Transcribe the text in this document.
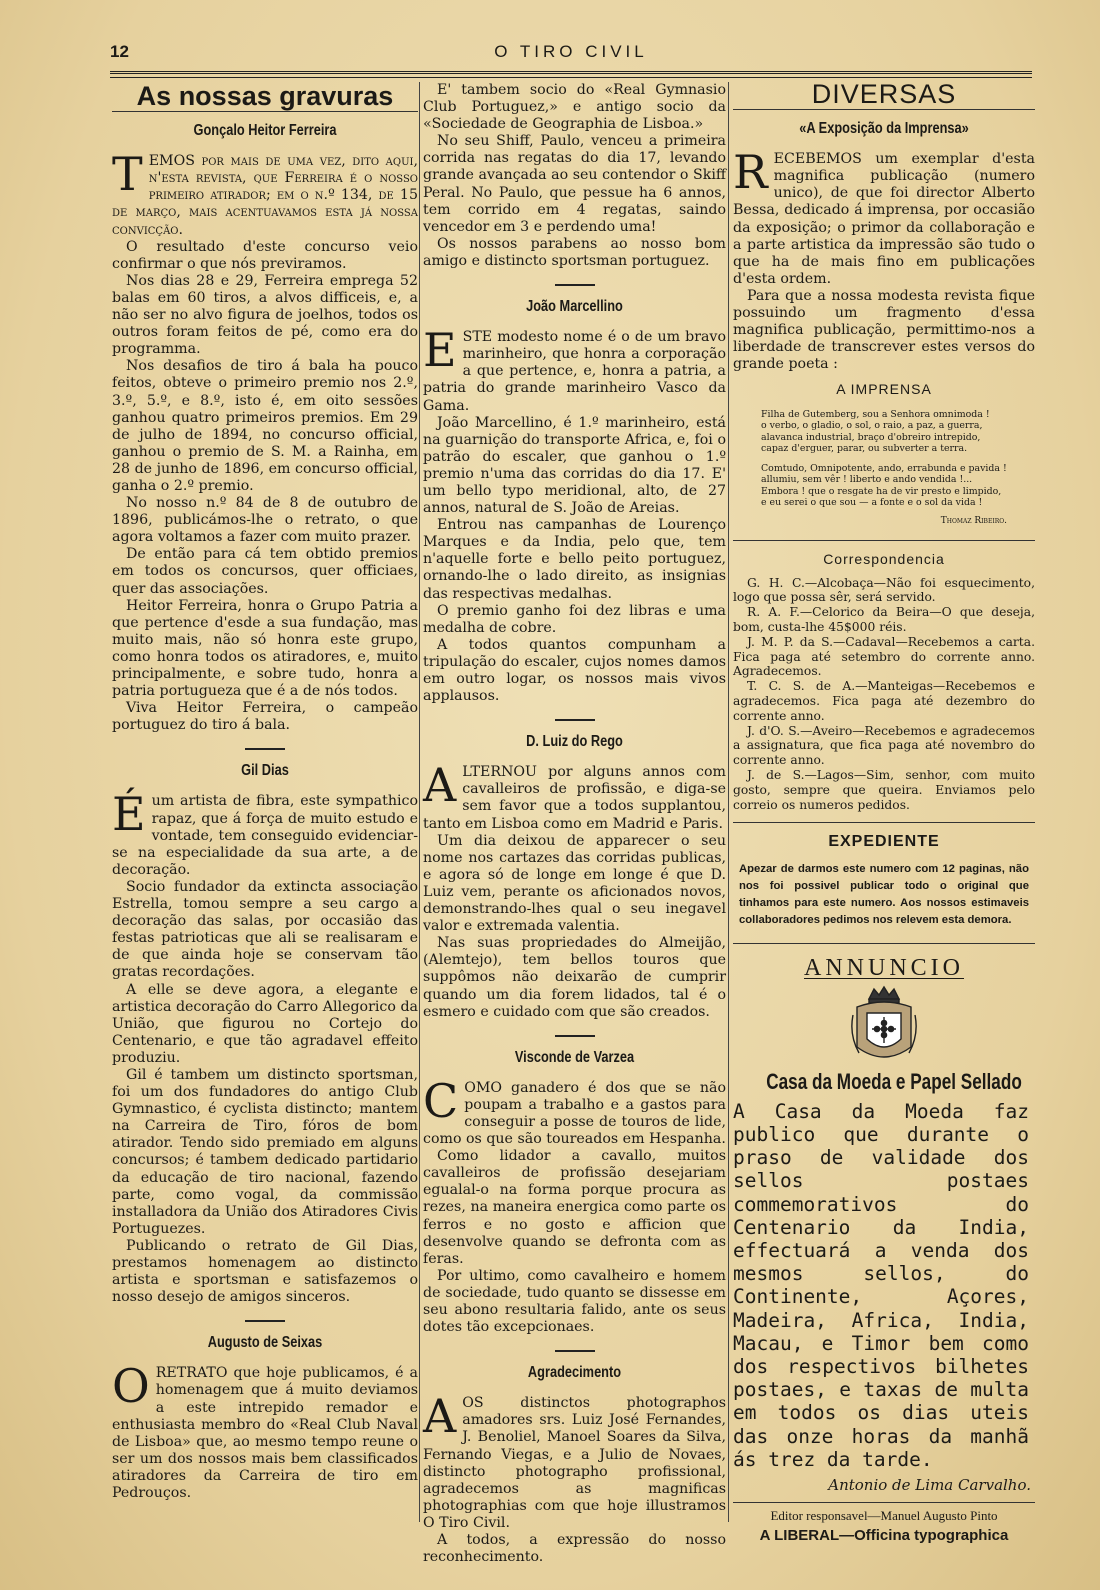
12	O TIRO CIVIL
As nossas gravuras
Gonçalo Heitor Ferreira

TEMOS por mais de uma vez, dito aqui, n'esta revista, que Ferreira é o nosso primeiro atirador; em o n.º 134, de 15 de março, mais acentuavamos esta já nossa convicção.

O resultado d'este concurso veio confirmar o que nós previramos.

Nos dias 28 e 29, Ferreira emprega 52 balas em 60 tiros, a alvos difficeis, e, a não ser no alvo figura de joelhos, todos os outros foram feitos de pé, como era do programma.

Nos desafios de tiro á bala ha pouco feitos, obteve o primeiro premio nos 2.º, 3.º, 5.º, e 8.º, isto é, em oito sessões ganhou quatro primeiros premios. Em 29 de julho de 1894, no concurso official, ganhou o premio de S. M. a Rainha, em 28 de junho de 1896, em concurso official, ganha o 2.º premio.

No nosso n.º 84 de 8 de outubro de 1896, publicámos-lhe o retrato, o que agora voltamos a fazer com muito prazer.

De então para cá tem obtido premios em todos os concursos, quer officiaes, quer das associações.

Heitor Ferreira, honra o Grupo Patria a que pertence d'esde a sua fundação, mas muito mais, não só honra este grupo, como honra todos os atiradores, e, muito principalmente, e sobre tudo, honra a patria portugueza que é a de nós todos.

Viva Heitor Ferreira, o campeão portuguez do tiro á bala.

Gil Dias

Éum artista de fibra, este sympathico rapaz, que á força de muito estudo e vontade, tem conseguido evidenciar-se na especialidade da sua arte, a de decoração.

Socio fundador da extincta associação Estrella, tomou sempre a seu cargo a decoração das salas, por occasião das festas patrioticas que ali se realisaram e de que ainda hoje se conservam tão gratas recordações.

A elle se deve agora, a elegante e artistica decoração do Carro Allegorico da União, que figurou no Cortejo do Centenario, e que tão agradavel effeito produziu.

Gil é tambem um distincto sportsman, foi um dos fundadores do antigo Club Gymnastico, é cyclista distincto; mantem na Carreira de Tiro, fóros de bom atirador. Tendo sido premiado em alguns concursos; é tambem dedicado partidario da educação de tiro nacional, fazendo parte, como vogal, da commissão installadora da União dos Atiradores Civis Portuguezes.

Publicando o retrato de Gil Dias, prestamos homenagem ao distincto artista e sportsman e satisfazemos o nosso desejo de amigos sinceros.

Augusto de Seixas

ORETRATO que hoje publicamos, é a homenagem que á muito deviamos a este intrepido remador e enthusiasta membro do «Real Club Naval de Lisboa» que, ao mesmo tempo reune o ser um dos nossos mais bem classificados atiradores da Carreira de tiro em Pedrouços.

E' tambem socio do «Real Gymnasio Club Portuguez,» e antigo socio da «Sociedade de Geographia de Lisboa.»

No seu Shiff, Paulo, venceu a primeira corrida nas regatas do dia 17, levando grande avançada ao seu contendor o Skiff Peral. No Paulo, que pessue ha 6 annos, tem corrido em 4 regatas, saindo vencedor em 3 e perdendo uma!

Os nossos parabens ao nosso bom amigo e distincto sportsman portuguez.

João Marcellino

ESTE modesto nome é o de um bravo marinheiro, que honra a corporação a que pertence, e, honra a patria, a patria do grande marinheiro Vasco da Gama.

João Marcellino, é 1.º marinheiro, está na guarnição do transporte Africa, e, foi o patrão do escaler, que ganhou o 1.º premio n'uma das corridas do dia 17. E' um bello typo meridional, alto, de 27 annos, natural de S. João de Areias.

Entrou nas campanhas de Lourenço Marques e da India, pelo que, tem n'aquelle forte e bello peito portuguez, ornando-lhe o lado direito, as insignias das respectivas medalhas.

O premio ganho foi dez libras e uma medalha de cobre.

A todos quantos compunham a tripulação do escaler, cujos nomes damos em outro logar, os nossos mais vivos applausos.

D. Luiz do Rego

ALTERNOU por alguns annos com cavalleiros de profissão, e diga-se sem favor que a todos supplantou, tanto em Lisboa como em Madrid e Paris.

Um dia deixou de apparecer o seu nome nos cartazes das corridas publicas, e agora só de longe em longe é que D. Luiz vem, perante os aficionados novos, demonstrando-lhes qual o seu inegavel valor e extremada valentia.

Nas suas propriedades do Almeijão, (Alemtejo), tem bellos touros que suppômos não deixarão de cumprir quando um dia forem lidados, tal é o esmero e cuidado com que são creados.

Visconde de Varzea

COMO ganadero é dos que se não poupam a trabalho e a gastos para conseguir a posse de touros de lide, como os que são toureados em Hespanha.

Como lidador a cavallo, muitos cavalleiros de profissão desejariam egualal-o na forma porque procura as rezes, na maneira energica como parte os ferros e no gosto e afficion que desenvolve quando se defronta com as feras.

Por ultimo, como cavalheiro e homem de sociedade, tudo quanto se dissesse em seu abono resultaria falido, ante os seus dotes tão excepcionaes.

Agradecimento

AOS distinctos photographos amadores srs. Luiz José Fernandes, J. Benoliel, Manoel Soares da Silva, Fernando Viegas, e a Julio de Novaes, distincto photographo profissional, agradecemos as magnificas photographias com que hoje illustramos O Tiro Civil.

A todos, a expressão do nosso reconhecimento.

DIVERSAS
«A Exposição da Imprensa»

RECEBEMOS um exemplar d'esta magnifica publicação (numero unico), de que foi director Alberto Bessa, dedicado á imprensa, por occasião da exposição; o primor da collaboração e a parte artistica da impressão são tudo o que ha de mais fino em publicações d'esta ordem.

Para que a nossa modesta revista fique possuindo um fragmento d'essa magnifica publicação, permittimo-nos a liberdade de transcrever estes versos do grande poeta :

A IMPRENSA
Filha de Gutemberg, sou a Senhora omnimoda !
o verbo, o gladio, o sol, o raio, a paz, a guerra,
alavanca industrial, braço d'obreiro intrepido,
capaz d'erguer, parar, ou subverter a terra.
Comtudo, Omnipotente, ando, errabunda e pavida !
allumiu, sem vêr ! liberto e ando vendida !...
Embora ! que o resgate ha de vir presto e limpido,
e eu serei o que sou — a fonte e o sol da vida !
Thomaz Ribeiro.
Correspondencia

G. H. C.—Alcobaça—Não foi esquecimento, logo que possa sêr, será servido.

R. A. F.—Celorico da Beira—O que deseja, bom, custa-lhe 45$000 réis.

J. M. P. da S.—Cadaval—Recebemos a carta. Fica paga até setembro do corrente anno. Agradecemos.

T. C. S. de A.—Manteigas—Recebemos e agradecemos. Fica paga até dezembro do corrente anno.

J. d'O. S.—Aveiro—Recebemos e agradecemos a assignatura, que fica paga até novembro do corrente anno.

J. de S.—Lagos—Sim, senhor, com muito gosto, sempre que queira. Enviamos pelo correio os numeros pedidos.

EXPEDIENTE
Apezar de darmos este numero com 12 paginas, não nos foi possivel publicar todo o original que tinhamos para este numero. Aos nossos estimaveis collaboradores pedimos nos relevem esta demora.
ANNUNCIO
Casa da Moeda e Papel Sellado
A Casa da Moeda faz publico que durante o praso de validade dos sellos postaes commemorativos do Centenario da India, effectuará a venda dos mesmos sellos, do Continente, Açores, Madeira, Africa, India, Macau, e Timor bem como dos respectivos bilhetes postaes, e taxas de multa em todos os dias uteis das onze horas da manhã ás trez da tarde.
Antonio de Lima Carvalho.
Editor responsavel—Manuel Augusto Pinto
A LIBERAL—Officina typographica
